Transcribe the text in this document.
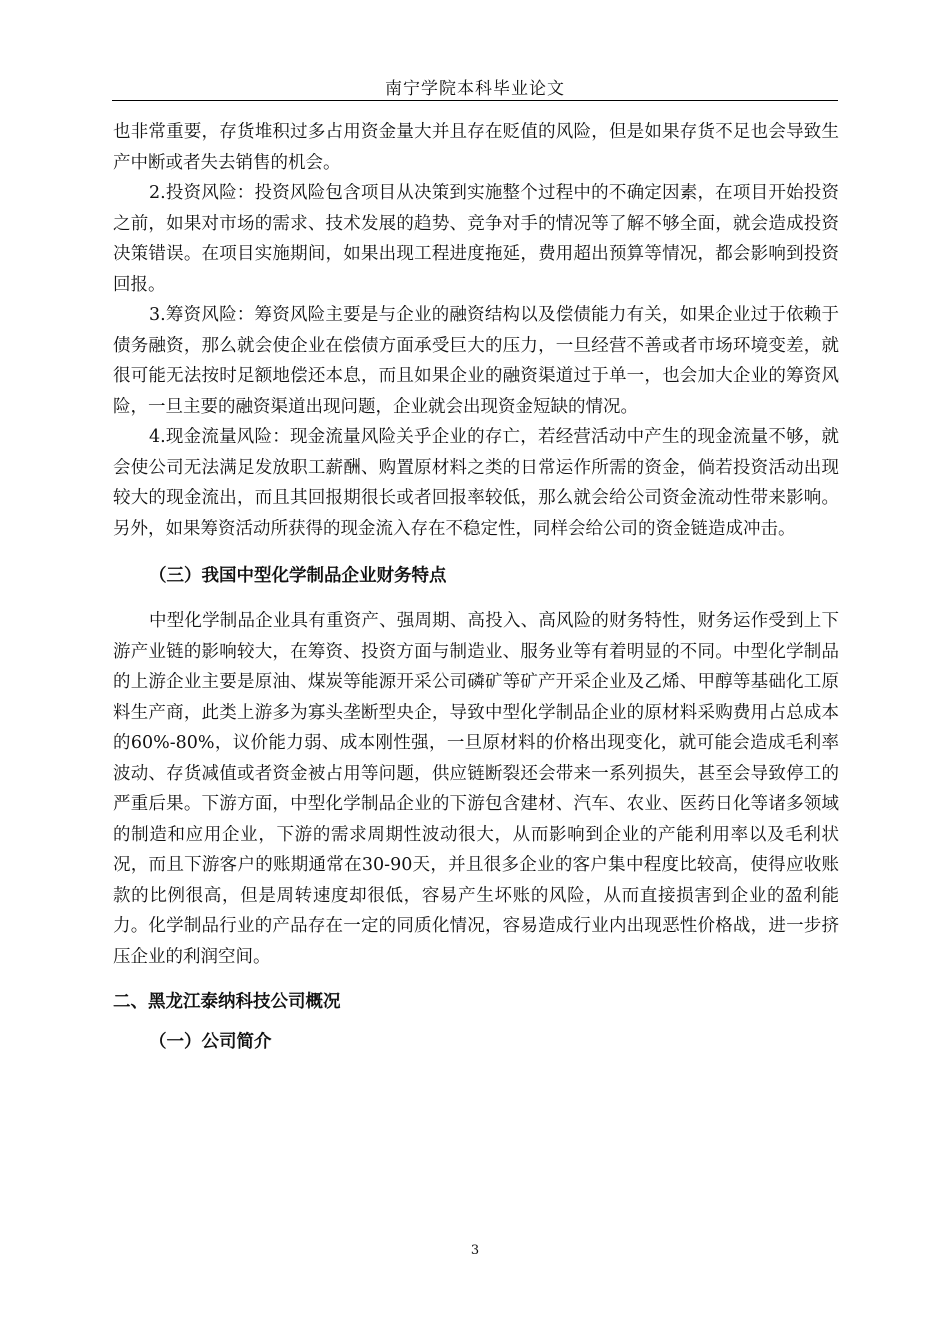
南宁学院本科毕业论文

也非常重要，存货堆积过多占用资金量大并且存在贬值的风险，但是如果存货不足也会导致生产中断或者失去销售的机会。

2.投资风险：投资风险包含项目从决策到实施整个过程中的不确定因素，在项目开始投资之前，如果对市场的需求、技术发展的趋势、竞争对手的情况等了解不够全面，就会造成投资决策错误。在项目实施期间，如果出现工程进度拖延，费用超出预算等情况，都会影响到投资回报。

3.筹资风险：筹资风险主要是与企业的融资结构以及偿债能力有关，如果企业过于依赖于债务融资，那么就会使企业在偿债方面承受巨大的压力，一旦经营不善或者市场环境变差，就很可能无法按时足额地偿还本息，而且如果企业的融资渠道过于单一，也会加大企业的筹资风险，一旦主要的融资渠道出现问题，企业就会出现资金短缺的情况。

4.现金流量风险：现金流量风险关乎企业的存亡，若经营活动中产生的现金流量不够，就会使公司无法满足发放职工薪酬、购置原材料之类的日常运作所需的资金，倘若投资活动出现较大的现金流出，而且其回报期很长或者回报率较低，那么就会给公司资金流动性带来影响。另外，如果筹资活动所获得的现金流入存在不稳定性，同样会给公司的资金链造成冲击。

（三）我国中型化学制品企业财务特点

中型化学制品企业具有重资产、强周期、高投入、高风险的财务特性，财务运作受到上下游产业链的影响较大，在筹资、投资方面与制造业、服务业等有着明显的不同。中型化学制品的上游企业主要是原油、煤炭等能源开采公司磷矿等矿产开采企业及乙烯、甲醇等基础化工原料生产商，此类上游多为寡头垄断型央企，导致中型化学制品企业的原材料采购费用占总成本的60%-80%，议价能力弱、成本刚性强，一旦原材料的价格出现变化，就可能会造成毛利率波动、存货减值或者资金被占用等问题，供应链断裂还会带来一系列损失，甚至会导致停工的严重后果。下游方面，中型化学制品企业的下游包含建材、汽车、农业、医药日化等诸多领域的制造和应用企业，下游的需求周期性波动很大，从而影响到企业的产能利用率以及毛利状况，而且下游客户的账期通常在30-90天，并且很多企业的客户集中程度比较高，使得应收账款的比例很高，但是周转速度却很低，容易产生坏账的风险，从而直接损害到企业的盈利能力。化学制品行业的产品存在一定的同质化情况，容易造成行业内出现恶性价格战，进一步挤压企业的利润空间。

二、黑龙江泰纳科技公司概况
（一）公司简介
3
